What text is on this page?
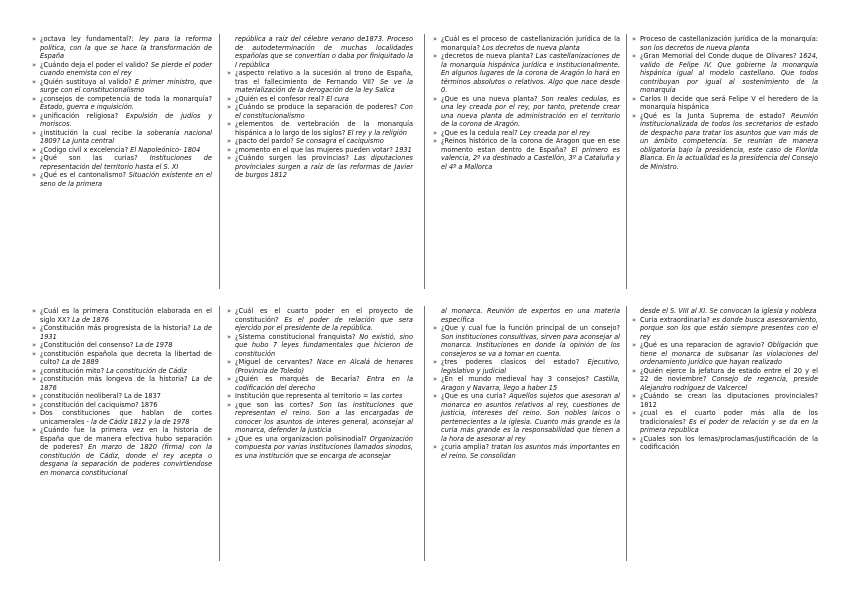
» ¿octava ley fundamental?: ley para la reforma política, con la que se hace la transformación de España

» ¿Cuándo deja el poder el valido? Se pierde el poder cuando enemista con el rey

» ¿Quién sustituya al valido? E primer ministro, que surge con el constitucionalismo

» ¿consejos de competencia de toda la monarquía? Estado, guerra e inquisición.

» ¿unificación religiosa? Expulsión de judíos y moriscos.

» ¿institución la cual recibe la soberanía nacional 1809? La junta central

» ¿Codigo civil x excelencia? El Napoleónico- 1804

» ¿Qué son las curias? Instituciones de representación del territorio hasta el S. XI

» ¿Qué es el cantonalismo? Situación existente en el seno de la primera

república a raíz del célebre verano de1873. Proceso de autodeterminación de muchas localidades españolas que se convertían o daba por finiquitado la I república

» ¿aspecto relativo a la sucesión al trono de España, tras el fallecimiento de Fernando VII? Se ve la materialización de la derogación de la ley Salica

» ¿Quién es el confesor real? El cura

» ¿Cuándo se produce la separación de poderes? Con el constitucionalismo

» ¿elementos de vertebración de la monarquía hispánica a lo largo de los siglos? El rey y la religión

» ¿pacto del pardo? Se consagra el caciquismo

» ¿momento en el que las mujeres pueden votar? 1931

» ¿Cuándo surgen las provincias? Las diputaciones provinciales surgen a raíz de las reformas de Javier de burgos 1812

» ¿Cuál es el proceso de castellanización jurídica de la monarquía? Los decretos de nueva planta

» ¿decretos de nueva planta? Las castellanizaciones de la monarquía hispánica jurídica e institucionalmente. En algunos lugares de la corona de Aragón lo hará en términos absolutos o relativos. Algo que nace desde 0.

» ¿Que es una nueva planta? Son reales cedulas, es una ley creada por el rey, por tanto, pretende crear una nueva planta de administración en el territorio de la corona de Aragón.

» ¿Que es la cedula real? Ley creada por el rey

» ¿Reinos histórico de la corona de Aragon que en ese momento estan dentro de España? El primero es valencia, 2º va destinado a Castellón, 3º a Cataluña y el 4º a Mallorca

» Proceso de castellanización jurídica de la monarquía: son los decretos de nueva planta

» ¿Gran Memorial del Conde duque de Olivares? 1624, valido de Felipe IV. Que gobierne la monarquía hispánica igual al modelo castellano. Que todos contribuyan por igual al sostenimiento de la monarquía

» Carlos II decide que será Felipe V el heredero de la monarquía hispánica

» ¿Qué es la Junta Suprema de estado? Reunión institucionalizada de todos los secretarios de estado de despacho para tratar los asuntos que van más de un ámbito competencia. Se reunían de manera obligatoria bajo la presidencia, este caso de Florida Blanca. En la actualidad es la presidencia del Consejo de Ministro.

» ¿Cuál es la primera Constitución elaborada en el siglo XX? La de 1876

» ¿Constitución más progresista de la historia? La de 1931

» ¿Constitución del consenso? La de 1978

» ¿constitución española que decreta la libertad de culto? La de 1889

» ¿constitución mito? La constitución de Cádiz

» ¿constitución más longeva de la historia? La de 1876

» ¿constitución neoliberal? La de 1837

» ¿constitución del caciquismo? 1876

» Dos constituciones que hablan de cortes unicamerales - la de Cádiz 1812 y la de 1978

» ¿Cuándo fue la primera vez en la historia de España que de manera efectiva hubo separación de poderes? En marzo de 1820 (firma) con la constitución de Cádiz, donde el rey acepta o desgana la separación de poderes convirtiendose en monarca constitucional

» ¿Cuál es el cuarto poder en el proyecto de constitución? Es el poder de relación que sera ejercido por el presidente de la república.

» ¿Sistema constitucional franquista? No existió, sino que hubo 7 leyes fundamentales que hicieron de constitución

» ¿Miguel de cervantes? Nace en Alcalá de henares (Provincia de Toledo)

» ¿Quién es marqués de Becaría? Entra en la codificación del derecho

» Institución que representa al territorio = las cortes

» ¿que son las cortes? Son las instituciones que representan el reino. Son a las encargadas de conocer los asuntos de interes general, aconsejar al monarca, defender la justicia

» ¿Que es una organizacion polisinodial? Organización compuesta por varias instituciones llamados sinodos, es una institución que se encarga de aconsejar

al monarca. Reunión de expertos en una materia específica

» ¿Que y cual fue la función principal de un consejo? Son instituciones consultivas, sirven para aconsejar al monarca. Instituciones en donde la opinión de los consejeros se va a tomar en cuenta.

» ¿tres poderes clasicos del estado? Ejecutivo, legislativo y judicial

» ¿En el mundo medieval hay 3 consejos? Castilla, Aragon y Navarra, llego a haber 15

» ¿Que es una curia? Aquellos sujetos que asesoran al monarca en asuntos relativos al rey, cuestiones de justicia, intereses del reino. Son nobles laicos o pertenecientes a la iglesia. Cuanto más grande es la curia más grande es la responsabilidad que tienen a la hora de asesorar al rey

» ¿curia amplia? tratan los asuntos más importantes en el reino. Se consolidan

desde el S. VIII al XI. Se convocan la iglesia y nobleza

» Curia extraordinaria? es donde busca asesoramiento, porque son los que están siempre presentes con el rey

» ¿Qué es una reparacion de agravio? Obligación que tiene el monarca de subsanar las violaciones del ordenamiento jurídico que hayan realizado

» ¿Quién ejerce la jefatura de estado entre el 20 y el 22 de noviembre? Consejo de regencia, preside Alejandro rodríguez de Valcercel

» ¿Cuándo se crean las diputaciones provinciales? 1812

» ¿cual es el cuarto poder más alla de los tradicionales? Es el poder de relación y se da en la primera republica

» ¿Cuales son los lemas/proclamas/justificación de la codificación
